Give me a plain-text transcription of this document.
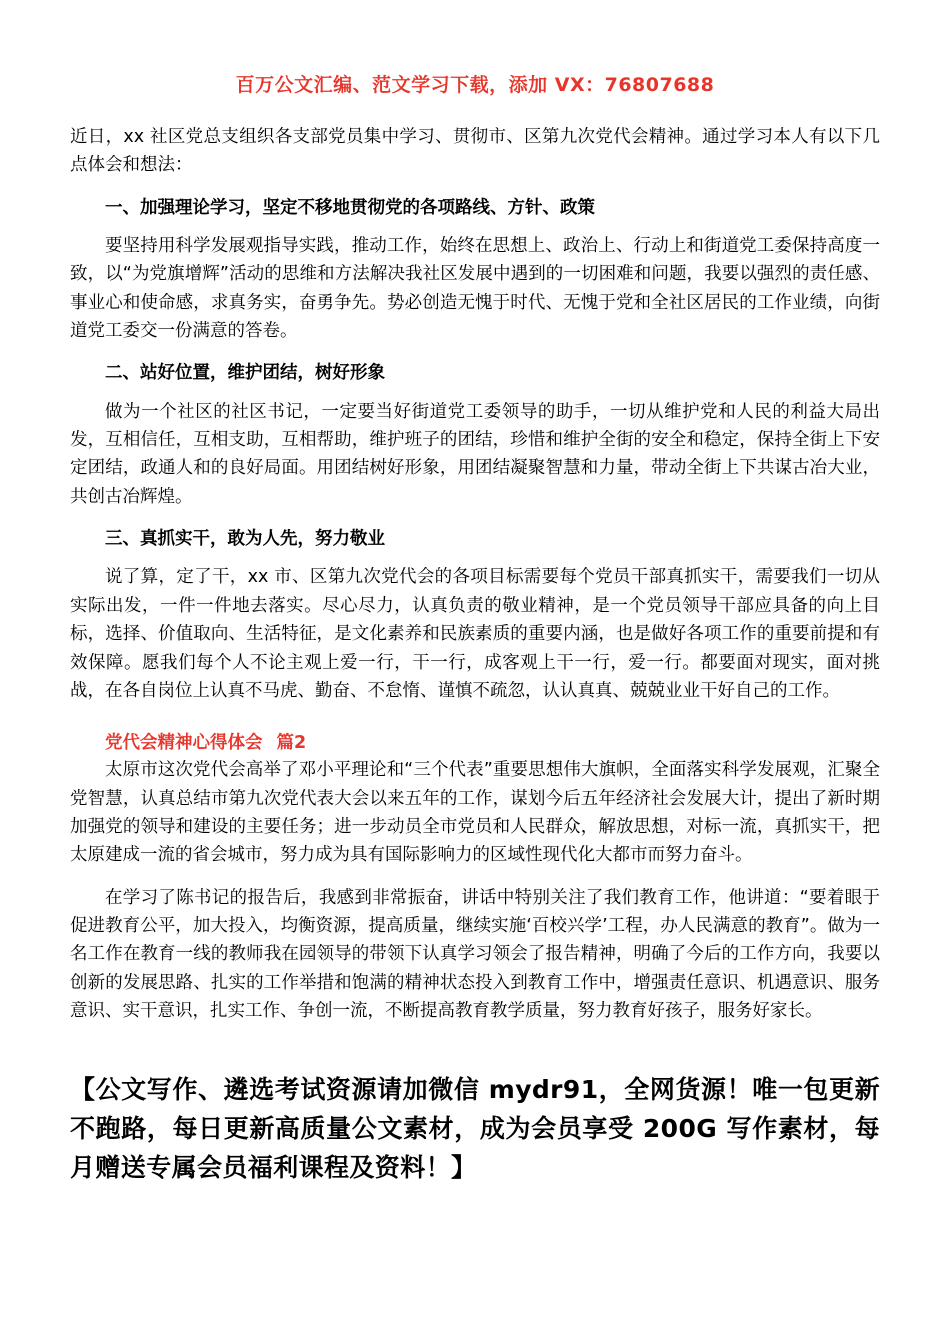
百万公文汇编、范文学习下载，添加 VX：76807688

近日，xx 社区党总支组织各支部党员集中学习、贯彻市、区第九次党代会精神。通过学习本人有以下几点体会和想法：

一、加强理论学习，坚定不移地贯彻党的各项路线、方针、政策

要坚持用科学发展观指导实践，推动工作，始终在思想上、政治上、行动上和街道党工委保持高度一致，以“为党旗增辉”活动的思维和方法解决我社区发展中遇到的一切困难和问题，我要以强烈的责任感、事业心和使命感，求真务实，奋勇争先。势必创造无愧于时代、无愧于党和全社区居民的工作业绩，向街道党工委交一份满意的答卷。

二、站好位置，维护团结，树好形象

做为一个社区的社区书记，一定要当好街道党工委领导的助手，一切从维护党和人民的利益大局出发，互相信任，互相支助，互相帮助，维护班子的团结，珍惜和维护全街的安全和稳定，保持全街上下安定团结，政通人和的良好局面。用团结树好形象，用团结凝聚智慧和力量，带动全街上下共谋古冶大业，共创古冶辉煌。

三、真抓实干，敢为人先，努力敬业

说了算，定了干，xx 市、区第九次党代会的各项目标需要每个党员干部真抓实干，需要我们一切从实际出发，一件一件地去落实。尽心尽力，认真负责的敬业精神，是一个党员领导干部应具备的向上目标，选择、价值取向、生活特征，是文化素养和民族素质的重要内涵，也是做好各项工作的重要前提和有效保障。愿我们每个人不论主观上爱一行，干一行，成客观上干一行，爱一行。都要面对现实，面对挑战，在各自岗位上认真不马虎、勤奋、不怠惰、谨慎不疏忽，认认真真、兢兢业业干好自己的工作。

党代会精神心得体会 篇2

太原市这次党代会高举了邓小平理论和“三个代表”重要思想伟大旗帜，全面落实科学发展观，汇聚全党智慧，认真总结市第九次党代表大会以来五年的工作，谋划今后五年经济社会发展大计，提出了新时期加强党的领导和建设的主要任务；进一步动员全市党员和人民群众，解放思想，对标一流，真抓实干，把太原建成一流的省会城市，努力成为具有国际影响力的区域性现代化大都市而努力奋斗。

在学习了陈书记的报告后，我感到非常振奋，讲话中特别关注了我们教育工作，他讲道：“要着眼于促进教育公平，加大投入，均衡资源，提高质量，继续实施‘百校兴学’工程，办人民满意的教育”。做为一名工作在教育一线的教师我在园领导的带领下认真学习领会了报告精神，明确了今后的工作方向，我要以创新的发展思路、扎实的工作举措和饱满的精神状态投入到教育工作中，增强责任意识、机遇意识、服务意识、实干意识，扎实工作、争创一流，不断提高教育教学质量，努力教育好孩子，服务好家长。

【公文写作、遴选考试资源请加微信 mydr91，全网货源！唯一包更新不跑路，每日更新高质量公文素材，成为会员享受 200G 写作素材，每月赠送专属会员福利课程及资料！】
